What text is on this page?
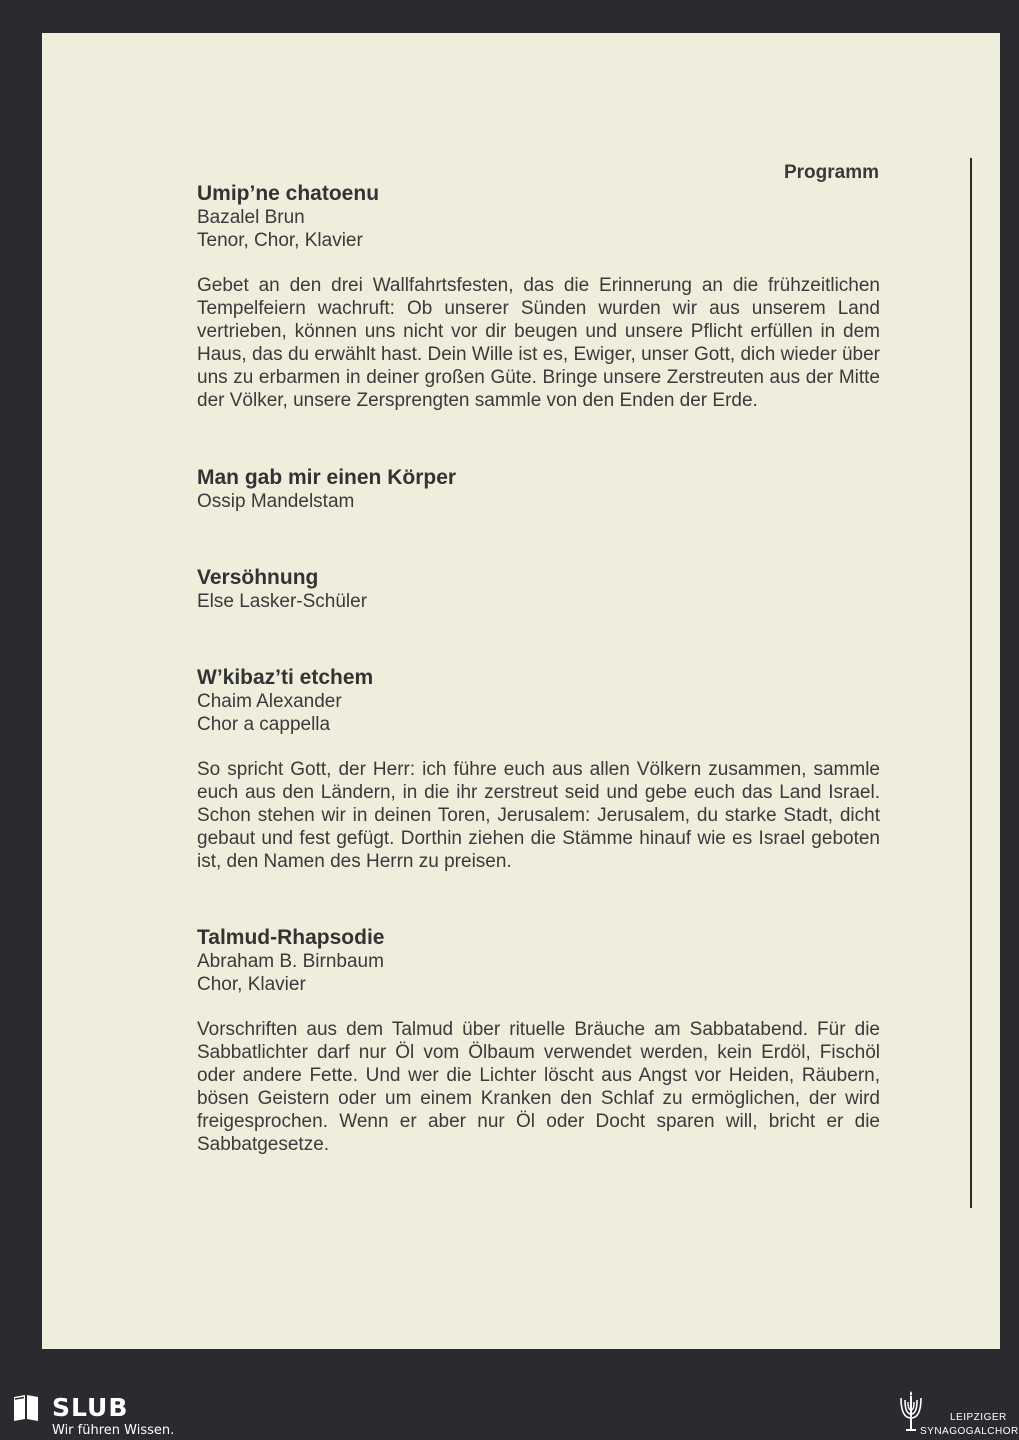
Programm

Umip’ne chatoenu

Bazalel Brun

Tenor, Chor, Klavier

Gebet an den drei Wallfahrtsfesten, das die Erinnerung an die frühzeitlichen Tempelfeiern wachruft: Ob unserer Sünden wurden wir aus unserem Land vertrieben, können uns nicht vor dir beugen und unsere Pflicht erfüllen in dem Haus, das du erwählt hast. Dein Wille ist es, Ewiger, unser Gott, dich wieder über uns zu erbarmen in deiner großen Güte. Bringe unsere Zerstreuten aus der Mitte der Völker, unsere Zersprengten sammle von den Enden der Erde.

Man gab mir einen Körper

Ossip Mandelstam

Versöhnung

Else Lasker-Schüler

W’kibaz’ti etchem

Chaim Alexander

Chor a cappella

So spricht Gott, der Herr: ich führe euch aus allen Völkern zusammen, sammle euch aus den Ländern, in die ihr zerstreut seid und gebe euch das Land Israel. Schon stehen wir in deinen Toren, Jerusalem: Jerusalem, du starke Stadt, dicht gebaut und fest gefügt. Dorthin ziehen die Stämme hinauf wie es Israel geboten ist, den Namen des Herrn zu preisen.

Talmud-Rhapsodie

Abraham B. Birnbaum

Chor, Klavier

Vorschriften aus dem Talmud über rituelle Bräuche am Sabbatabend. Für die Sabbatlichter darf nur Öl vom Ölbaum verwendet werden, kein Erdöl, Fischöl oder andere Fette. Und wer die Lichter löscht aus Angst vor Heiden, Räubern, bösen Geistern oder um einem Kranken den Schlaf zu ermöglichen, der wird freigesprochen. Wenn er aber nur Öl oder Docht sparen will, bricht er die Sabbatgesetze.

SLUB
Wir führen Wissen.
LEIPZIGER
SYNAGOGALCHOR
